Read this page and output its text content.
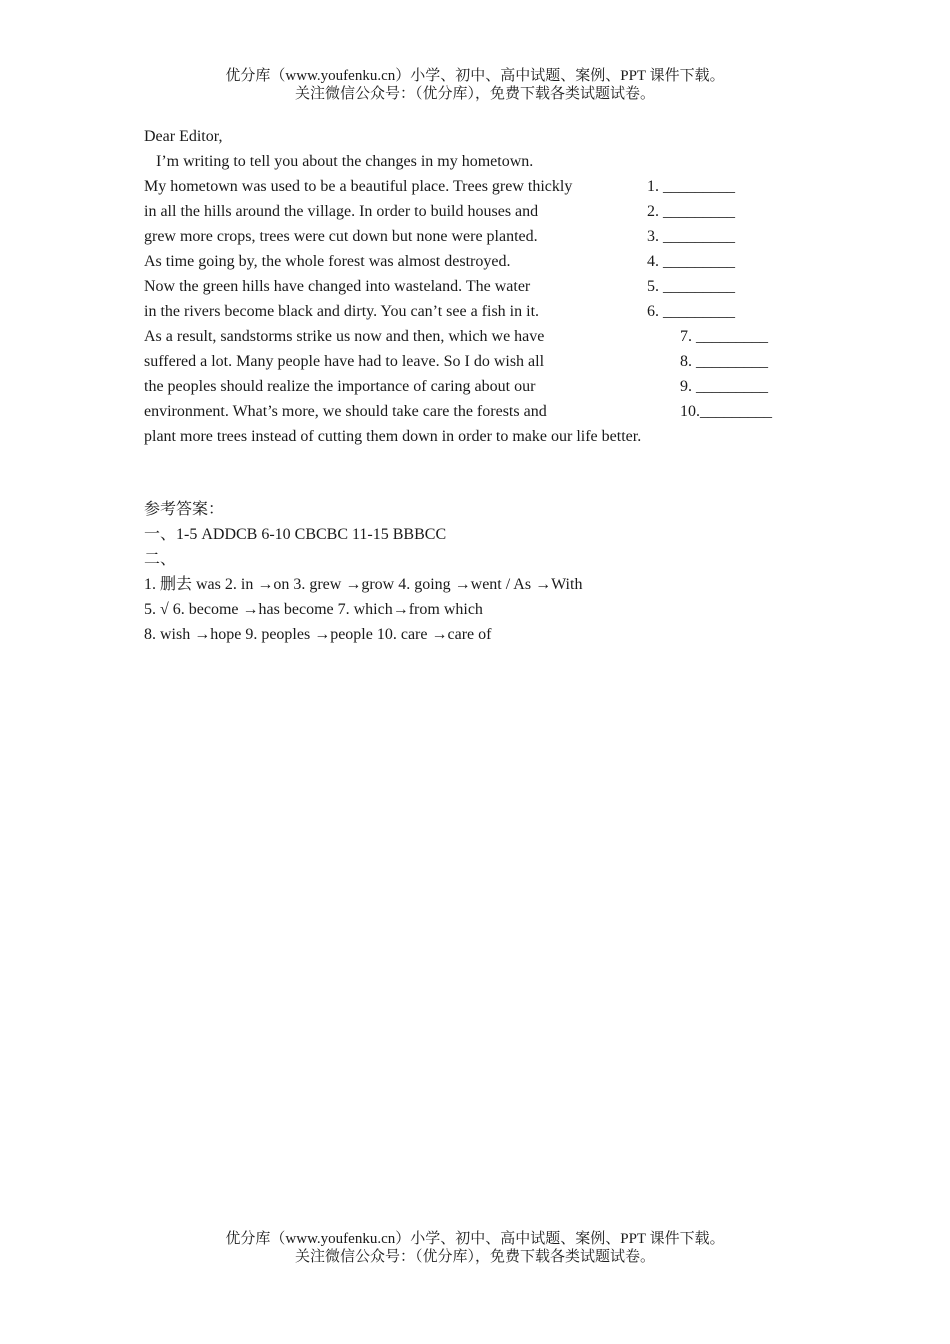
优分库（www.youfenku.cn）小学、初中、高中试题、案例、PPT 课件下载。
关注微信公众号：（优分库），免费下载各类试题试卷。
Dear Editor,
I’m writing to tell you about the changes in my hometown.
My hometown was used to be a beautiful place. Trees grew thickly	1. _________
in all the hills around the village. In order to build houses and	2. _________
grew more crops, trees were cut down but none were planted.	3. _________
As time going by, the whole forest was almost destroyed.	4. _________
Now the green hills have changed into wasteland. The water	5. _________
in the rivers become black and dirty. You can’t see a fish in it.	6. _________
As a result, sandstorms strike us now and then, which we have	7. _________
suffered a lot. Many people have had to leave. So I do wish all	8. _________
the peoples should realize the importance of caring about our	9. _________
environment. What’s more, we should take care the forests and	10._________
plant more trees instead of cutting them down in order to make our life better.
参考答案：
一、1-5 ADDCB 6-10 CBCBC 11-15 BBBCC
二、
1. 删去 was 2. in →on 3. grew →grow 4. going →went / As →With
5. √ 6. become →has become 7. which→from which
8. wish →hope 9. peoples →people 10. care →care of
优分库（www.youfenku.cn）小学、初中、高中试题、案例、PPT 课件下载。
关注微信公众号：（优分库），免费下载各类试题试卷。
